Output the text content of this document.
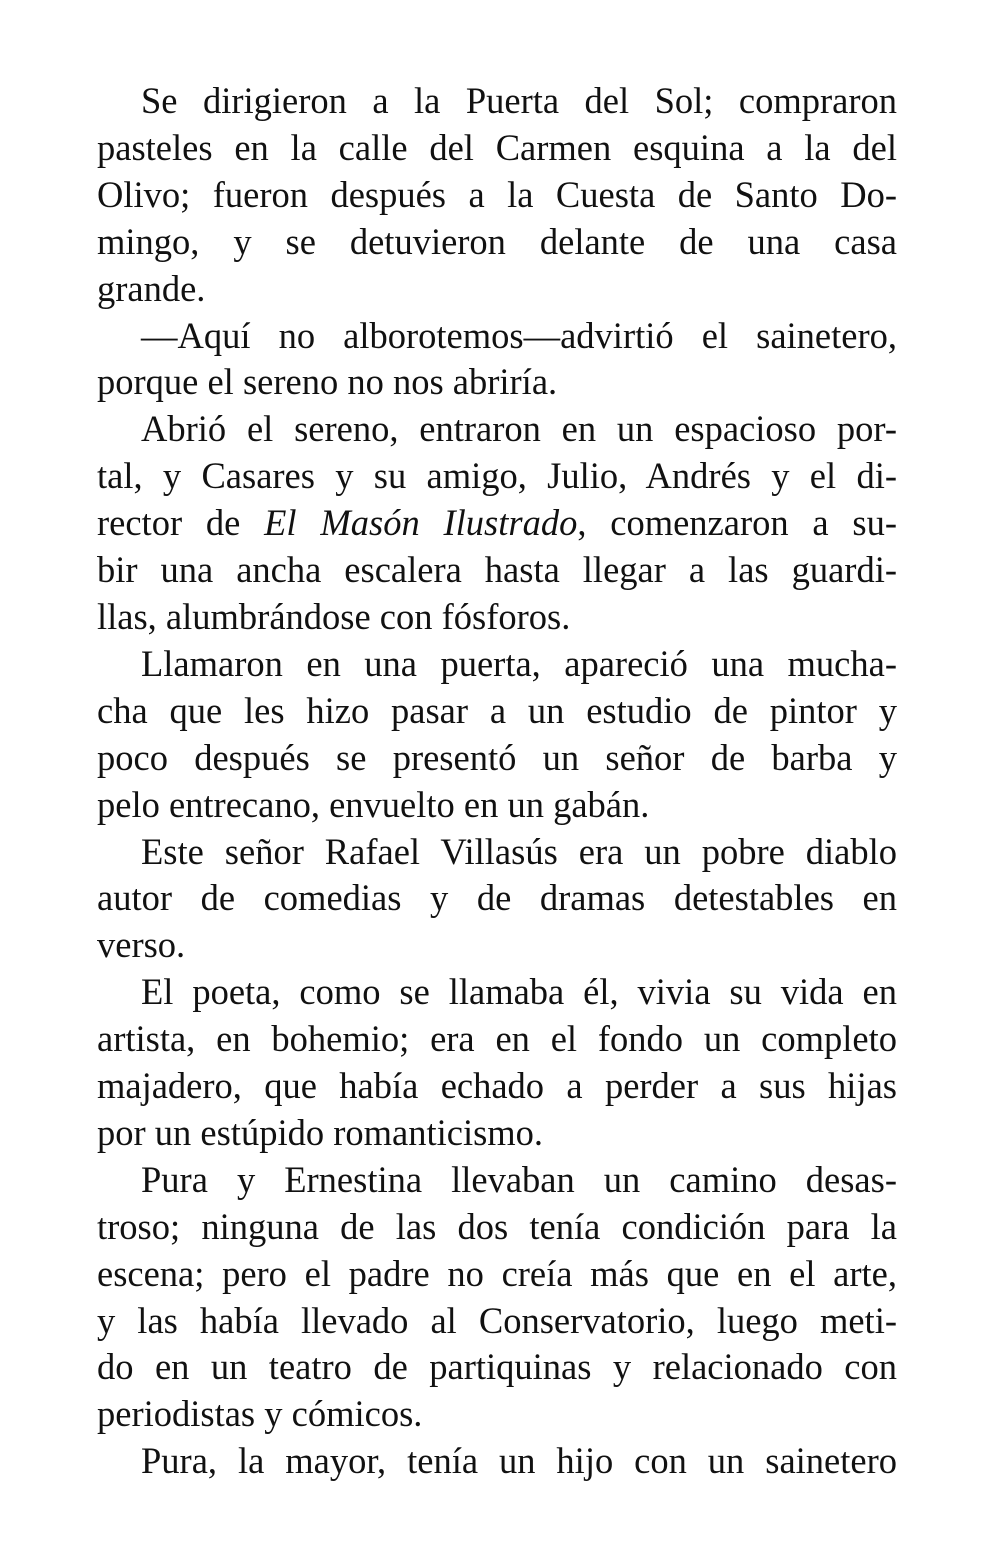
Se dirigieron a la Puerta del Sol; compraron
pasteles en la calle del Carmen esquina a la del
Olivo; fueron después a la Cuesta de Santo Do-
mingo, y se detuvieron delante de una casa
grande.

—Aquí no alborotemos—advirtió el sainetero,
porque el sereno no nos abriría.

Abrió el sereno, entraron en un espacioso por-
tal, y Casares y su amigo, Julio, Andrés y el di-
rector de El Masón Ilustrado, comenzaron a su-
bir una ancha escalera hasta llegar a las guardi-
llas, alumbrándose con fósforos.

Llamaron en una puerta, apareció una mucha-
cha que les hizo pasar a un estudio de pintor y
poco después se presentó un señor de barba y
pelo entrecano, envuelto en un gabán.

Este señor Rafael Villasús era un pobre diablo
autor de comedias y de dramas detestables en
verso.

El poeta, como se llamaba él, vivia su vida en
artista, en bohemio; era en el fondo un completo
majadero, que había echado a perder a sus hijas
por un estúpido romanticismo.

Pura y Ernestina llevaban un camino desas-
troso; ninguna de las dos tenía condición para la
escena; pero el padre no creía más que en el arte,
y las había llevado al Conservatorio, luego meti-
do en un teatro de partiquinas y relacionado con
periodistas y cómicos.

Pura, la mayor, tenía un hijo con un sainetero
